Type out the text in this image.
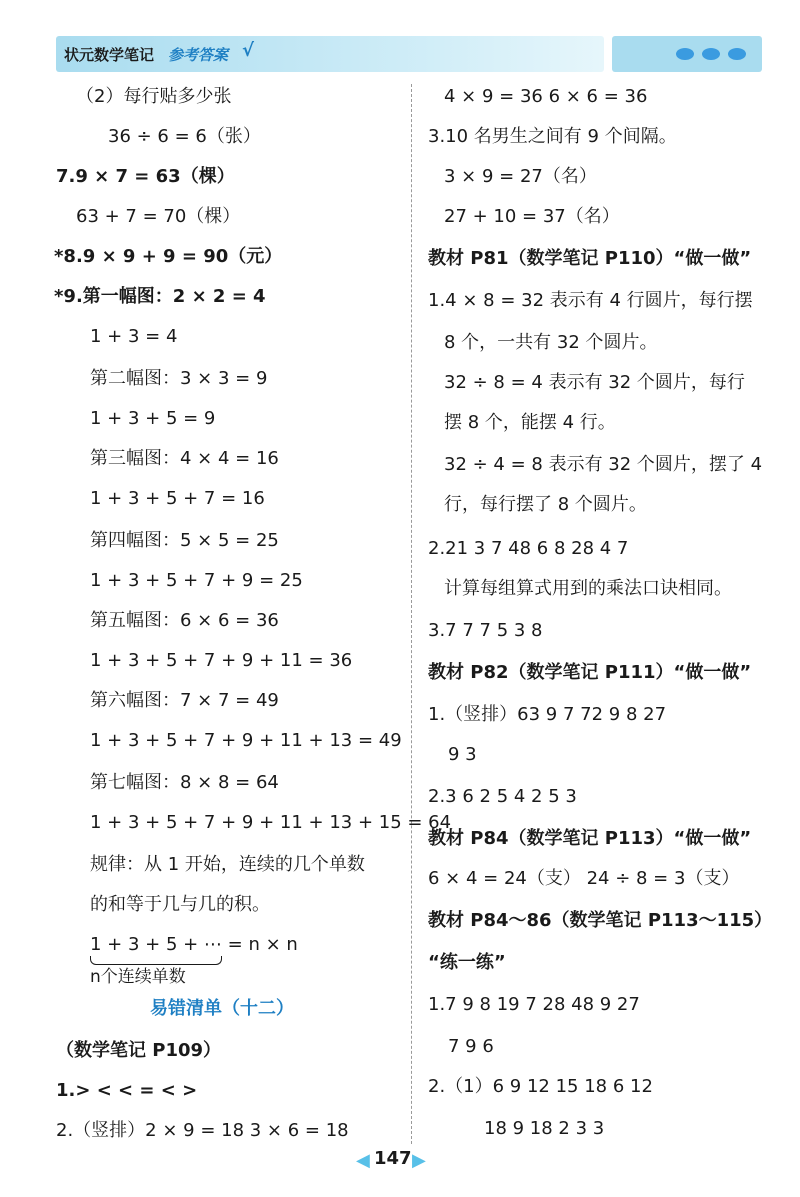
状元数学笔记 参考答案 √
（2）每行贴多少张
36 ÷ 6 = 6（张）
7.9 × 7 = 63（棵）
63 + 7 = 70（棵）
*8.9 × 9 + 9 = 90（元）
*9.第一幅图：2 × 2 = 4
1 + 3 = 4
第二幅图：3 × 3 = 9
1 + 3 + 5 = 9
第三幅图：4 × 4 = 16
1 + 3 + 5 + 7 = 16
第四幅图：5 × 5 = 25
1 + 3 + 5 + 7 + 9 = 25
第五幅图：6 × 6 = 36
1 + 3 + 5 + 7 + 9 + 11 = 36
第六幅图：7 × 7 = 49
1 + 3 + 5 + 7 + 9 + 11 + 13 = 49
第七幅图：8 × 8 = 64
1 + 3 + 5 + 7 + 9 + 11 + 13 + 15 = 64
规律：从 1 开始，连续的几个单数
的和等于几与几的积。
1 + 3 + 5 + ⋯ = n × n
n个连续单数
易错清单（十二）
（数学笔记 P109）
1.> < < = < >
2.（竖排）2 × 9 = 18 3 × 6 = 18
4 × 9 = 36 6 × 6 = 36
3.10 名男生之间有 9 个间隔。
3 × 9 = 27（名）
27 + 10 = 37（名）
教材 P81（数学笔记 P110）“做一做”
1.4 × 8 = 32 表示有 4 行圆片，每行摆
8 个，一共有 32 个圆片。
32 ÷ 8 = 4 表示有 32 个圆片，每行
摆 8 个，能摆 4 行。
32 ÷ 4 = 8 表示有 32 个圆片，摆了 4
行，每行摆了 8 个圆片。
2.21 3 7 48 6 8 28 4 7
计算每组算式用到的乘法口诀相同。
3.7 7 7 5 3 8
教材 P82（数学笔记 P111）“做一做”
1.（竖排）63 9 7 72 9 8 27
9 3
2.3 6 2 5 4 2 5 3
教材 P84（数学笔记 P113）“做一做”
6 × 4 = 24（支） 24 ÷ 8 = 3（支）
教材 P84～86（数学笔记 P113～115）
“练一练”
1.7 9 8 19 7 28 48 9 27
7 9 6
2.（1）6 9 12 15 18 6 12
18 9 18 2 3 3
◀ 147 ▶
